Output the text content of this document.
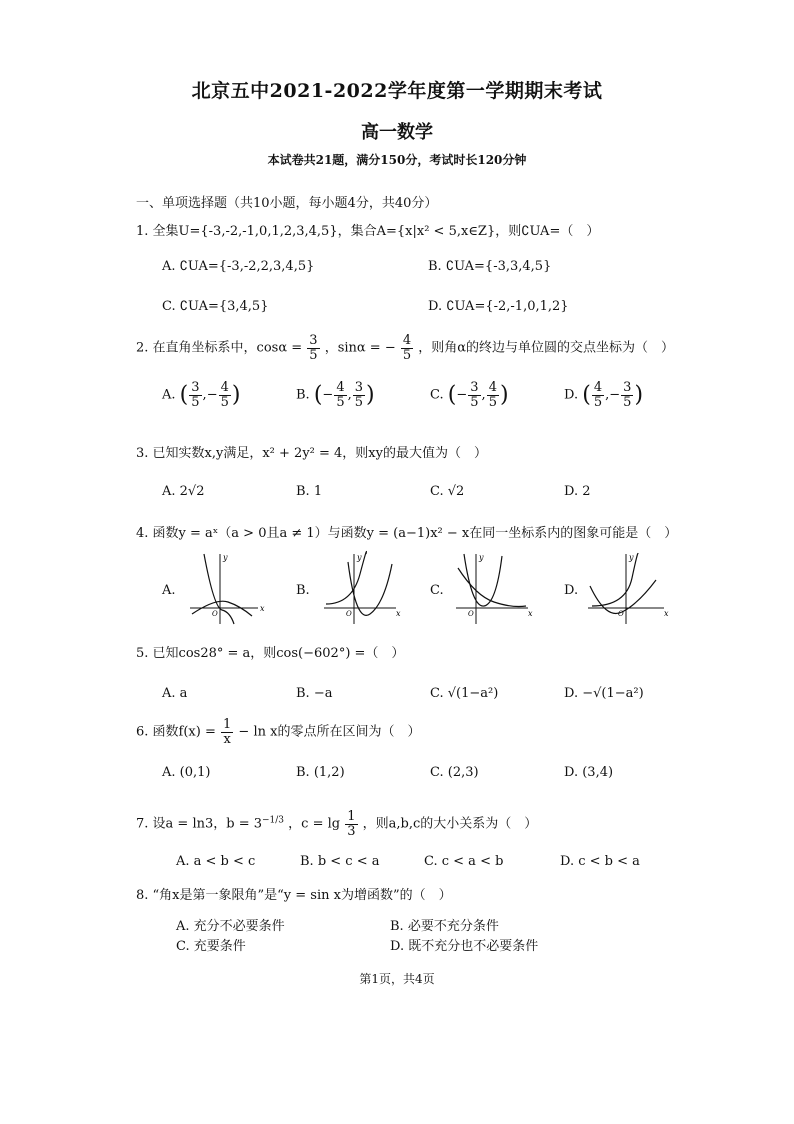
北京五中2021-2022学年度第一学期期末考试
高一数学
本试卷共21题，满分150分，考试时长120分钟
一、单项选择题（共10小题，每小题4分，共40分）
1. 全集U={-3,-2,-1,0,1,2,3,4,5}，集合A={x|x² < 5,x∈Z}，则∁UA=（　）
A. ∁UA={-3,-2,2,3,4,5}	B. ∁UA={-3,3,4,5}
C. ∁UA={3,4,5}	D. ∁UA={-2,-1,0,1,2}
2. 在直角坐标系中，$\cos\alpha = \frac{3}{5}$ ，sinα = − $\frac{4}{5}$ ，则角α的终边与单位圆的交点坐标为（　）
A. ( $\frac{3}{5}$ ,− $\frac{4}{5}$ )	B. (− $\frac{4}{5}$ , $\frac{3}{5}$ )	C. (− $\frac{3}{5}$ , $\frac{4}{5}$ )	D. ( $\frac{4}{5}$ ,− $\frac{3}{5}$ )
3. 已知实数x,y满足，x² + 2y² = 4，则xy的最大值为（　）
A. 2√2	B. 1	C. √2	D. 2
4. 函数y = aˣ（a > 0且a ≠ 1）与函数y = (a−1)x² − x在同一坐标系内的图象可能是（　）
A.
x
y
O
B.
x
y
O
C.
x
y
O
D.
x
y
O
5. 已知cos28° = a，则cos(−602°) =（　）
A. a	B. −a	C. √(1−a²)	D. −√(1−a²)
6. 函数$f(x) = \frac{1}{x} - \ln x$的零点所在区间为（　）
A. (0,1)	B. (1,2)	C. (2,3)	D. (3,4)
7. 设a = ln3，$b = 3^{-1/3}$ ，$c = \lg \frac{1}{3}$ ，则a,b,c的大小关系为（　）
A. a < b < c	B. b < c < a	C. c < a < b	D. c < b < a
8. “角x是第一象限角”是“y = sin x为增函数”的（　）
A. 充分不必要条件	B. 必要不充分条件
C. 充要条件	D. 既不充分也不必要条件
第1页，共4页
